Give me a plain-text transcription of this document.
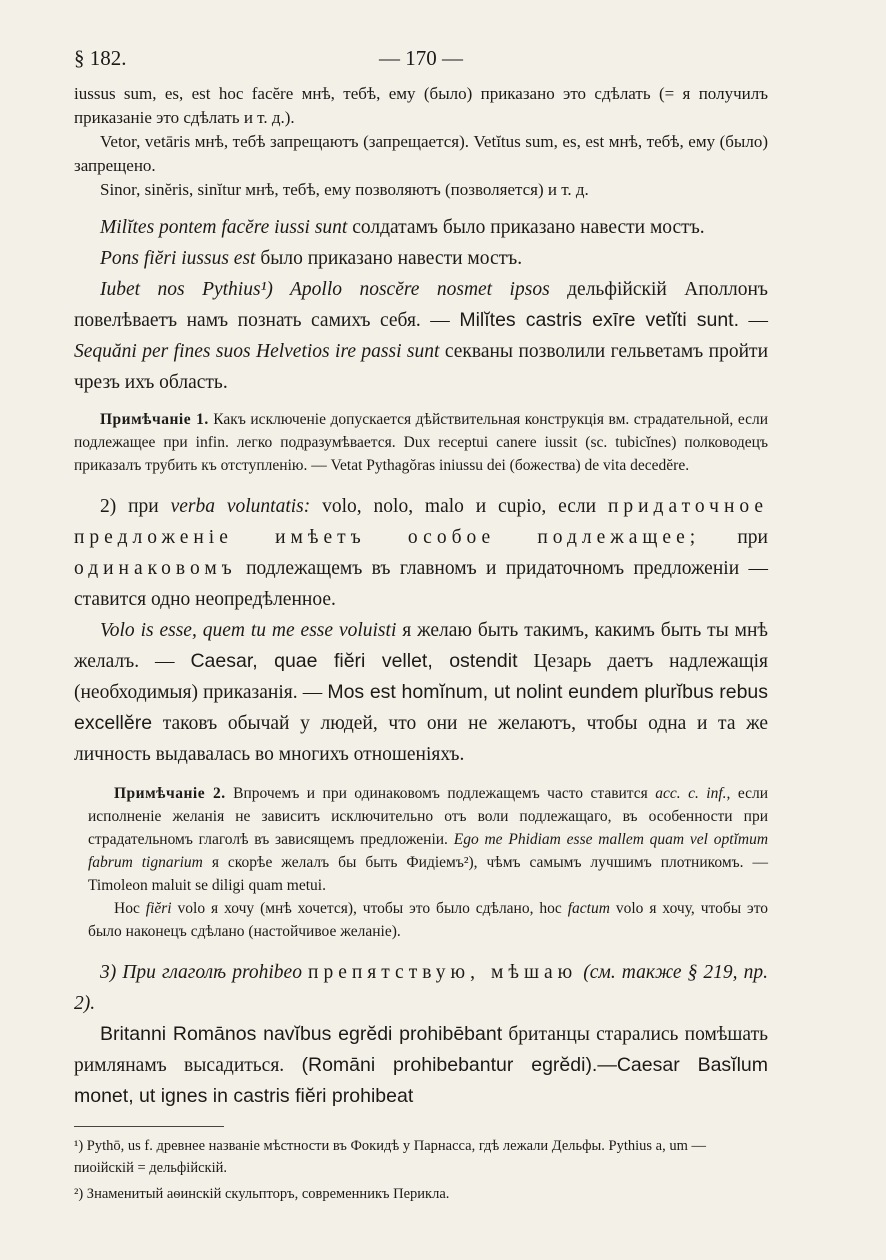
§ 182.	— 170 —

iussus sum, es, est hoc facĕre мнѣ, тебѣ, ему (было) приказано это сдѣлать (= я получилъ приказаніе это сдѣлать и т. д.).

Vetor, vetāris мнѣ, тебѣ запрещаютъ (запрещается). Vetĭtus sum, es, est мнѣ, тебѣ, ему (было) запрещено.

Sinor, sinĕris, sinĭtur мнѣ, тебѣ, ему позволяютъ (позволяется) и т. д.

Milĭtes pontem facĕre iussi sunt солдатамъ было приказано навести мостъ.

Pons fiĕri iussus est было приказано навести мостъ.

Iubet nos Pythius¹) Apollo noscĕre nosmet ipsos дельфійскій Аполлонъ повелѣваетъ намъ познать самихъ себя. — Milĭtes castris exīre vetĭti sunt. — Sequăni per fines suos Helvetios ire passi sunt секваны позволили гельветамъ пройти чрезъ ихъ область.

Примѣчаніе 1. Какъ исключеніе допускается дѣйствительная конструкція вм. страдательной, если подлежащее при infin. легко подразумѣвается. Dux receptui canere iussit (sc. tubicĭnes) полководецъ приказалъ трубить къ отступленію. — Vetat Pythagŏras iniussu dei (божества) de vita decedĕre.

2) при verba voluntatis: volo, nolo, malo и cupio, если придаточное предложеніе имѣетъ особое подлежащее; при одинаковомъ подлежащемъ въ главномъ и придаточномъ предложеніи — ставится одно неопредѣленное.

Volo is esse, quem tu me esse voluisti я желаю быть такимъ, какимъ быть ты мнѣ желалъ. — Caesar, quae fiĕri vellet, ostendit Цезарь даетъ надлежащія (необходимыя) приказанія. — Mos est homĭnum, ut nolint eundem plurĭbus rebus excellĕre таковъ обычай у людей, что они не желаютъ, чтобы одна и та же личность выдавалась во многихъ отношеніяхъ.

Примѣчаніе 2. Впрочемъ и при одинаковомъ подлежащемъ часто ставится acc. c. inf., если исполненіе желанія не зависитъ исключительно отъ воли подлежащаго, въ особенности при страдательномъ глаголѣ въ зависящемъ предложеніи. Ego me Phidiam esse mallem quam vel optĭmum fabrum tignarium я скорѣе желалъ бы быть Фидіемъ²), чѣмъ самымъ лучшимъ плотникомъ. — Timoleon maluit se diligi quam metui.

Hoc fiĕri volo я хочу (мнѣ хочется), чтобы это было сдѣлано, hoc factum volo я хочу, чтобы это было наконецъ сдѣлано (настойчивое желаніе).

3) При глаголѣ prohibeo препятствую, мѣшаю (см. также § 219, пр. 2).

Britanni Romānos navĭbus egrĕdi prohibēbant британцы старались помѣшать римлянамъ высадиться. (Romāni prohibebantur egrĕdi).—Caesar Basĭlum monet, ut ignes in castris fiĕri prohibeat

¹) Pythō, us f. древнее названіе мѣстности въ Фокидѣ у Парнасса, гдѣ лежали Дельфы. Pythius a, um — пиоійскій = дельфійскій.

²) Знаменитый аѳинскій скульпторъ, современникъ Перикла.
